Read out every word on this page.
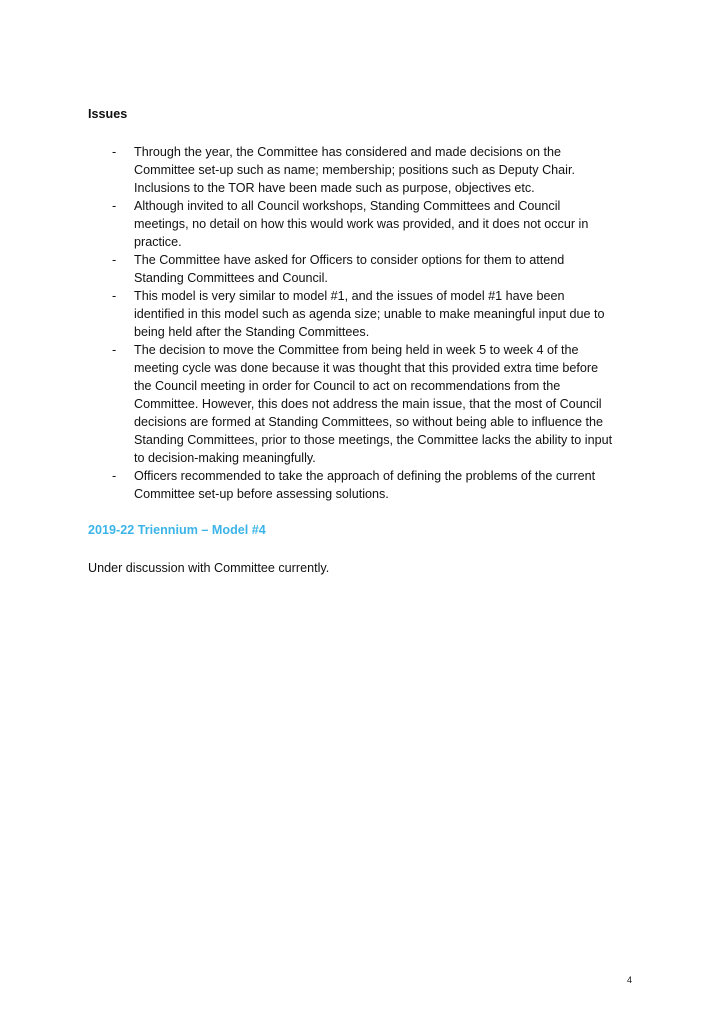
Issues
- Through the year, the Committee has considered and made decisions on the
Committee set-up such as name; membership; positions such as Deputy Chair.
Inclusions to the TOR have been made such as purpose, objectives etc.
- Although invited to all Council workshops, Standing Committees and Council
meetings, no detail on how this would work was provided, and it does not occur in
practice.
- The Committee have asked for Officers to consider options for them to attend
Standing Committees and Council.
- This model is very similar to model #1, and the issues of model #1 have been
identified in this model such as agenda size; unable to make meaningful input due to
being held after the Standing Committees.
- The decision to move the Committee from being held in week 5 to week 4 of the
meeting cycle was done because it was thought that this provided extra time before
the Council meeting in order for Council to act on recommendations from the
Committee. However, this does not address the main issue, that the most of Council
decisions are formed at Standing Committees, so without being able to influence the
Standing Committees, prior to those meetings, the Committee lacks the ability to input
to decision-making meaningfully.
- Officers recommended to take the approach of defining the problems of the current
Committee set-up before assessing solutions.
2019-22 Triennium – Model #4
Under discussion with Committee currently.
4
